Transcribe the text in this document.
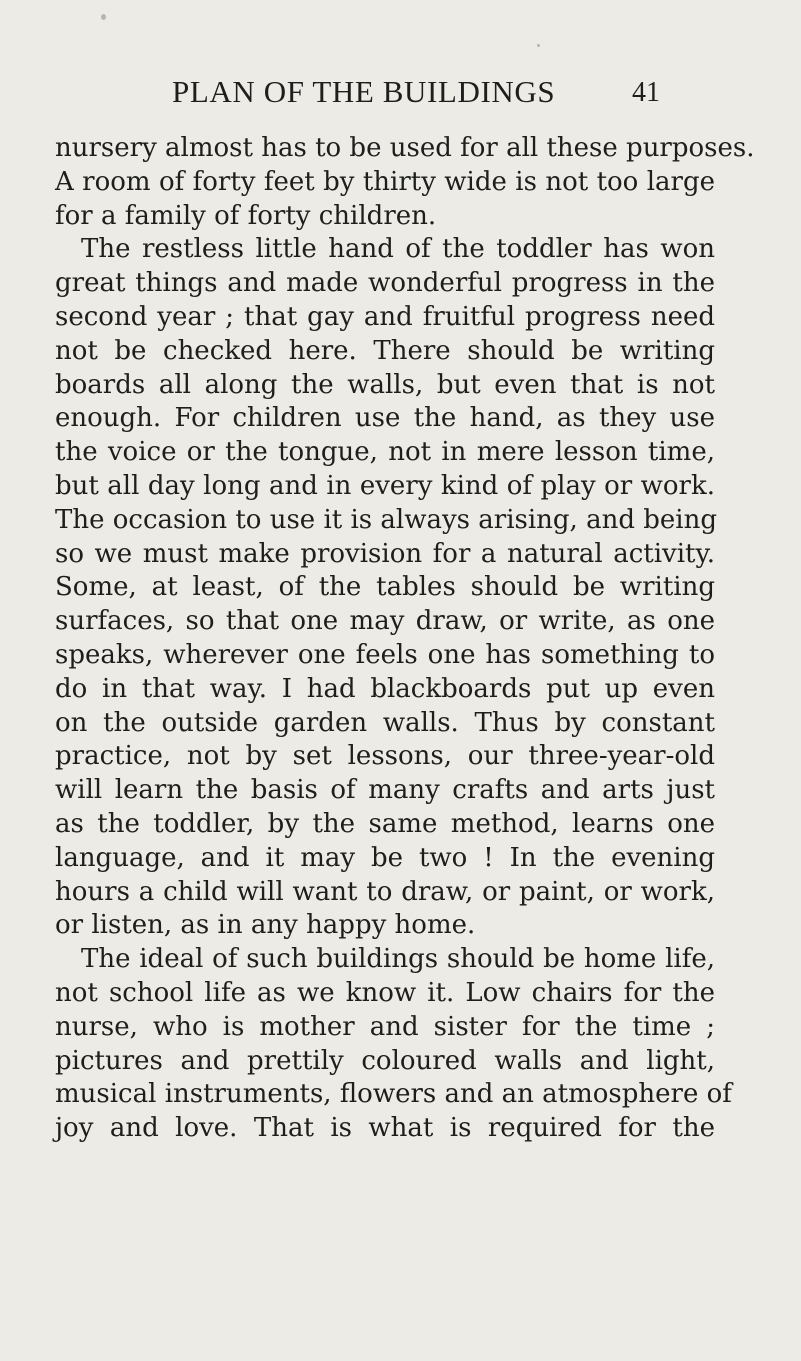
PLAN OF THE BUILDINGS	41
nursery almost has to be used for all these purposes.
A room of forty feet by thirty wide is not too large
for a family of forty children.
The restless little hand of the toddler has won
great things and made wonderful progress in the
second year ; that gay and fruitful progress need
not be checked here. There should be writing
boards all along the walls, but even that is not
enough. For children use the hand, as they use
the voice or the tongue, not in mere lesson time,
but all day long and in every kind of play or work.
The occasion to use it is always arising, and being
so we must make provision for a natural activity.
Some, at least, of the tables should be writing
surfaces, so that one may draw, or write, as one
speaks, wherever one feels one has something to
do in that way. I had blackboards put up even
on the outside garden walls. Thus by constant
practice, not by set lessons, our three-year-old
will learn the basis of many crafts and arts just
as the toddler, by the same method, learns one
language, and it may be two ! In the evening
hours a child will want to draw, or paint, or work,
or listen, as in any happy home.
The ideal of such buildings should be home life,
not school life as we know it. Low chairs for the
nurse, who is mother and sister for the time ;
pictures and prettily coloured walls and light,
musical instruments, flowers and an atmosphere of
joy and love. That is what is required for the
